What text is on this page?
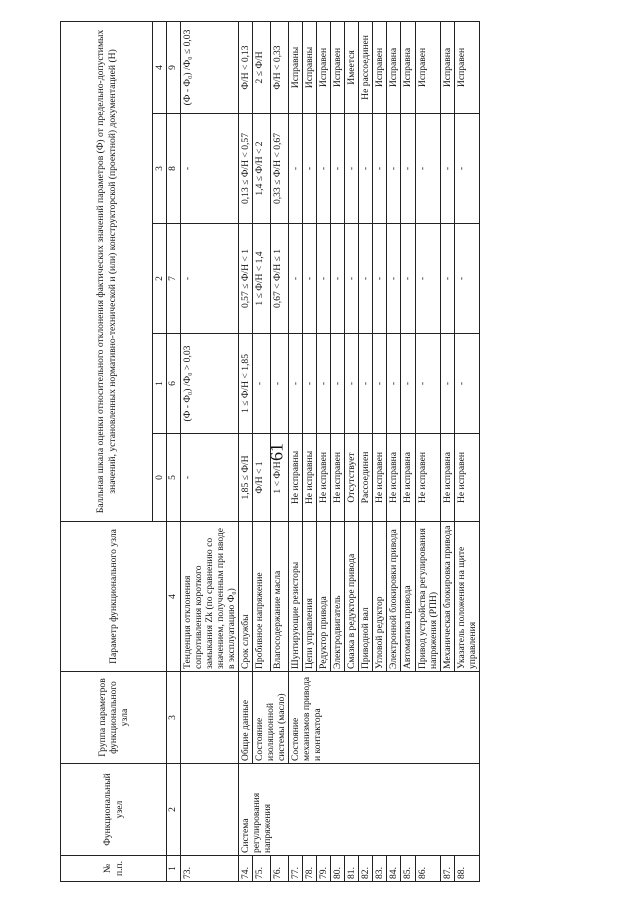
61
№ п.п.	Функциональный узел	Группа параметров функционального узла	Параметр функционального узла	Балльная шкала оценки относительного отклонения фактических значений параметров (Ф) от предельно-допустимых значений, установленных нормативно-технической и (или) конструкторской (проектной) документацией (Н)				
				0	1	2	3	4
1	2	3	4	5	6	7	8	9
73.			Тенденция отклонения сопротивления короткого замыкания Zk (по сравнению со значением, полученным при вводе в эксплуатацию Ф₀)	-	(Ф - Ф₀) /Ф₀ > 0,03	-	-	(Ф - Ф₀) /Ф₀ ≤ 0,03
74.	Система регулирования напряжения	Общие данные	Срок службы	1,85 ≤ Ф/Н	1 ≤ Ф/Н < 1,85	0,57 ≤ Ф/Н < 1	0,13 ≤ Ф/Н < 0,57	Ф/Н < 0,13
75.		Состояние изоляционной системы (масло)	Пробивное напряжение	Ф/Н < 1	-	1 ≤ Ф/Н < 1,4	1,4 ≤ Ф/Н < 2	2 ≤ Ф/Н
76.			Влагосодержание масла	1 < Ф/Н	-	0,67 < Ф/Н ≤ 1	0,33 ≤ Ф/Н < 0,67	Ф/Н < 0,33
77.		Состояние механизмов привода и контактора	Шунтирующие резисторы	Не исправны	-	-	-	Исправны
78.			Цепи управления	Не исправны	-	-	-	Исправны
79.			Редуктор привода	Не исправен	-	-	-	Исправен
80.			Электродвигатель	Не исправен	-	-	-	Исправен
81.			Смазка в редукторе привода	Отсутствует	-	-	-	Имеется
82.			Приводной вал	Рассоединен	-	-	-	Не рассоединен
83.			Угловой редуктор	Не исправен	-	-	-	Исправен
84.			Электронной блокировки привода	Не исправна	-	-	-	Исправна
85.			Автоматика привода	Не исправна	-	-	-	Исправна
86.			Привод устройства регулирования напряжения (РПН)	Не исправен	-	-	-	Исправен
87.			Механическая блокировка привода	Не исправна	-	-	-	Исправна
88.			Указатель положения на щите управления	Не исправен	-	-	-	Исправен
